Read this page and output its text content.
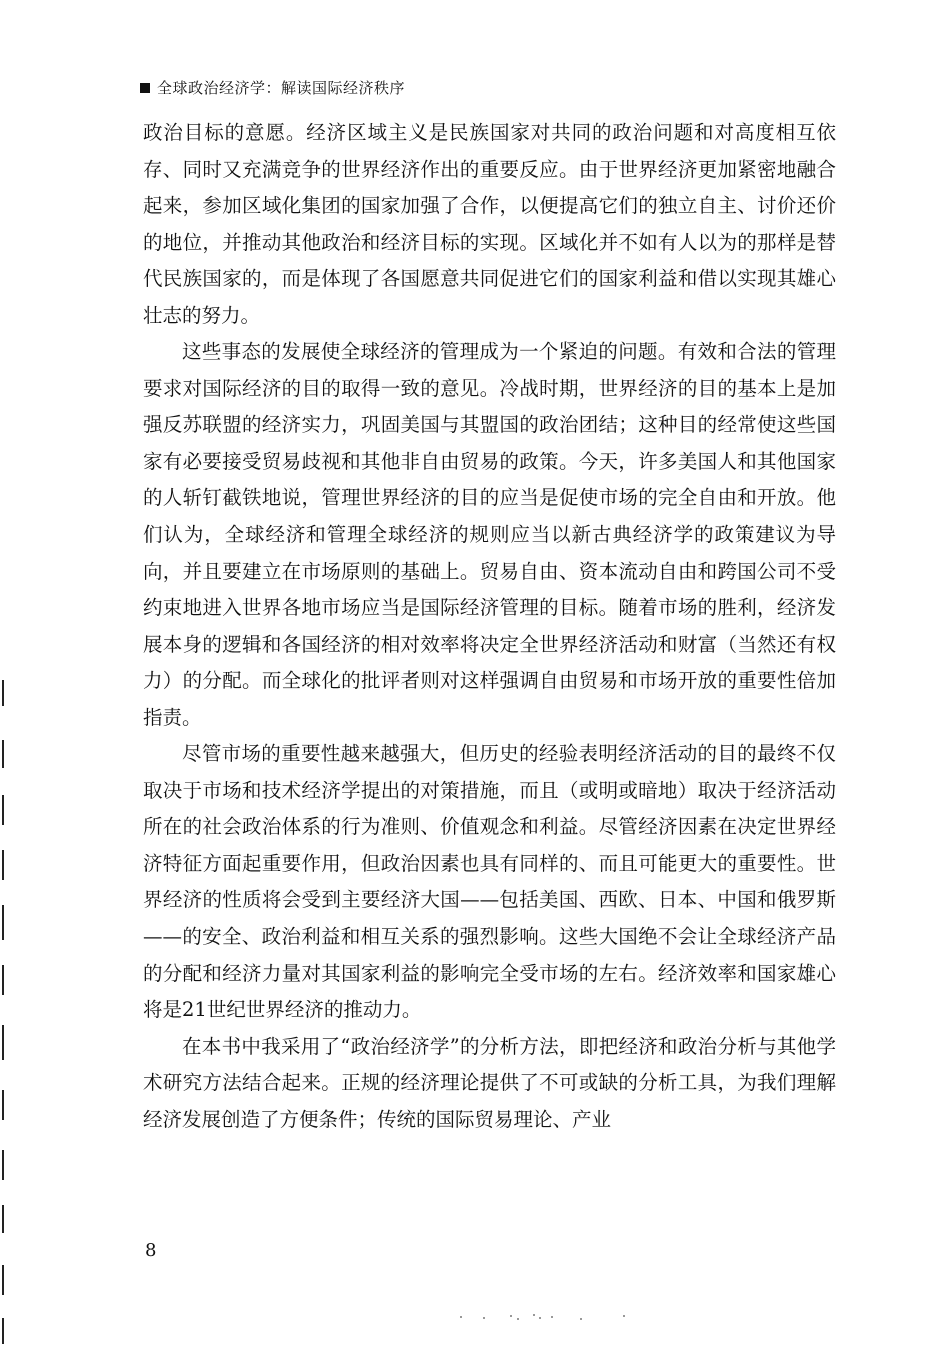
全球政治经济学：解读国际经济秩序

政治目标的意愿。经济区域主义是民族国家对共同的政治问题和对高度相互依存、同时又充满竞争的世界经济作出的重要反应。由于世界经济更加紧密地融合起来，参加区域化集团的国家加强了合作，以便提高它们的独立自主、讨价还价的地位，并推动其他政治和经济目标的实现。区域化并不如有人以为的那样是替代民族国家的，而是体现了各国愿意共同促进它们的国家利益和借以实现其雄心壮志的努力。

这些事态的发展使全球经济的管理成为一个紧迫的问题。有效和合法的管理要求对国际经济的目的取得一致的意见。冷战时期，世界经济的目的基本上是加强反苏联盟的经济实力，巩固美国与其盟国的政治团结；这种目的经常使这些国家有必要接受贸易歧视和其他非自由贸易的政策。今天，许多美国人和其他国家的人斩钉截铁地说，管理世界经济的目的应当是促使市场的完全自由和开放。他们认为，全球经济和管理全球经济的规则应当以新古典经济学的政策建议为导向，并且要建立在市场原则的基础上。贸易自由、资本流动自由和跨国公司不受约束地进入世界各地市场应当是国际经济管理的目标。随着市场的胜利，经济发展本身的逻辑和各国经济的相对效率将决定全世界经济活动和财富（当然还有权力）的分配。而全球化的批评者则对这样强调自由贸易和市场开放的重要性倍加指责。

尽管市场的重要性越来越强大，但历史的经验表明经济活动的目的最终不仅取决于市场和技术经济学提出的对策措施，而且（或明或暗地）取决于经济活动所在的社会政治体系的行为准则、价值观念和利益。尽管经济因素在决定世界经济特征方面起重要作用，但政治因素也具有同样的、而且可能更大的重要性。世界经济的性质将会受到主要经济大国——包括美国、西欧、日本、中国和俄罗斯——的安全、政治利益和相互关系的强烈影响。这些大国绝不会让全球经济产品的分配和经济力量对其国家利益的影响完全受市场的左右。经济效率和国家雄心将是21世纪世界经济的推动力。

在本书中我采用了“政治经济学”的分析方法，即把经济和政治分析与其他学术研究方法结合起来。正规的经济理论提供了不可或缺的分析工具，为我们理解经济发展创造了方便条件；传统的国际贸易理论、产业

8
